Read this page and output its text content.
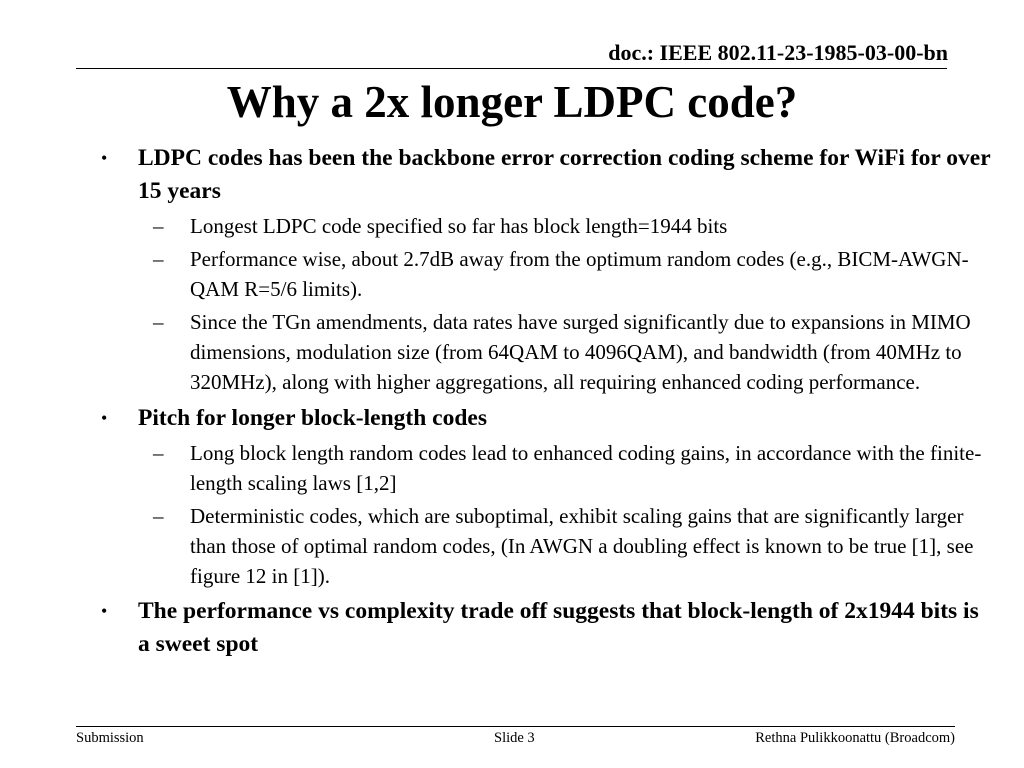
doc.: IEEE 802.11-23-1985-03-00-bn
Why a 2x longer LDPC code?
• LDPC codes has been the backbone error correction coding scheme for WiFi for over 15 years
– Longest LDPC code specified so far has block length=1944 bits
– Performance wise, about 2.7dB away from the optimum random codes (e.g., BICM-AWGN-QAM R=5/6 limits).
– Since the TGn amendments, data rates have surged significantly due to expansions in MIMO dimensions, modulation size (from 64QAM to 4096QAM), and bandwidth (from 40MHz to 320MHz), along with higher aggregations, all requiring enhanced coding performance.
• Pitch for longer block-length codes
– Long block length random codes lead to enhanced coding gains, in accordance with the finite-length scaling laws [1,2]
– Deterministic codes, which are suboptimal, exhibit scaling gains that are significantly larger than those of optimal random codes, (In AWGN a doubling effect is known to be true [1], see figure 12 in [1]).
• The performance vs complexity trade off suggests that block-length of 2x1944 bits is a sweet spot
Submission	Slide 3	Rethna Pulikkoonattu (Broadcom)
